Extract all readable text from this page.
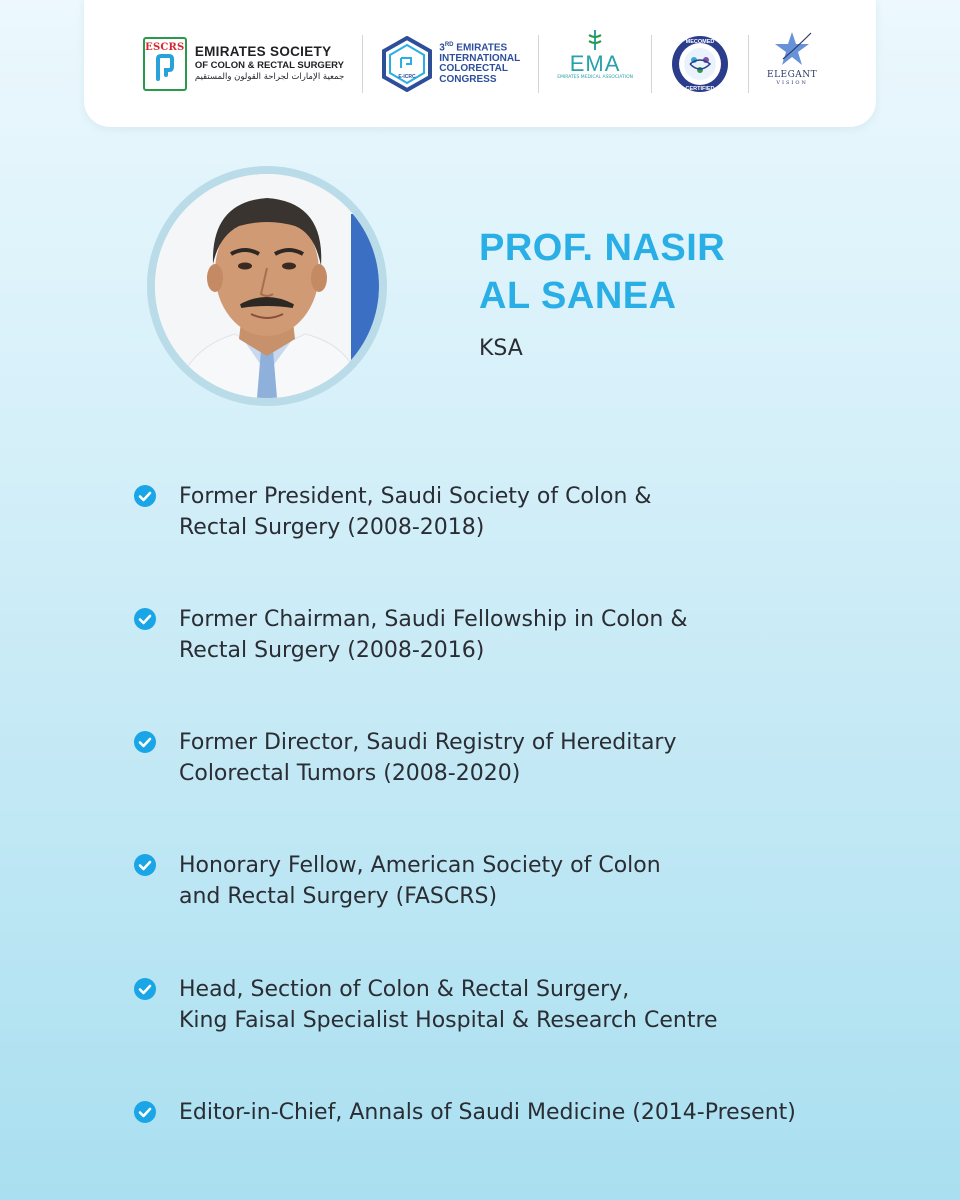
ESCRS EMIRATES SOCIETY
OF COLON & RECTAL SURGERY
جمعية الإمارات لجراحة القولون والمستقيم	E-ICRC
3RD EMIRATES
INTERNATIONAL
COLORECTAL
CONGRESS
EMA
EMIRATES MEDICAL ASSOCIATION
MECOMED
CERTIFIED
ELEGANT
VISION
PROF. NASIR
AL SANEA
KSA
Former President, Saudi Society of Colon &
Rectal Surgery (2008-2018)
Former Chairman, Saudi Fellowship in Colon &
Rectal Surgery (2008-2016)
Former Director, Saudi Registry of Hereditary
Colorectal Tumors (2008-2020)
Honorary Fellow, American Society of Colon
and Rectal Surgery (FASCRS)
Head, Section of Colon & Rectal Surgery,
King Faisal Specialist Hospital & Research Centre
Editor-in-Chief, Annals of Saudi Medicine (2014-Present)
